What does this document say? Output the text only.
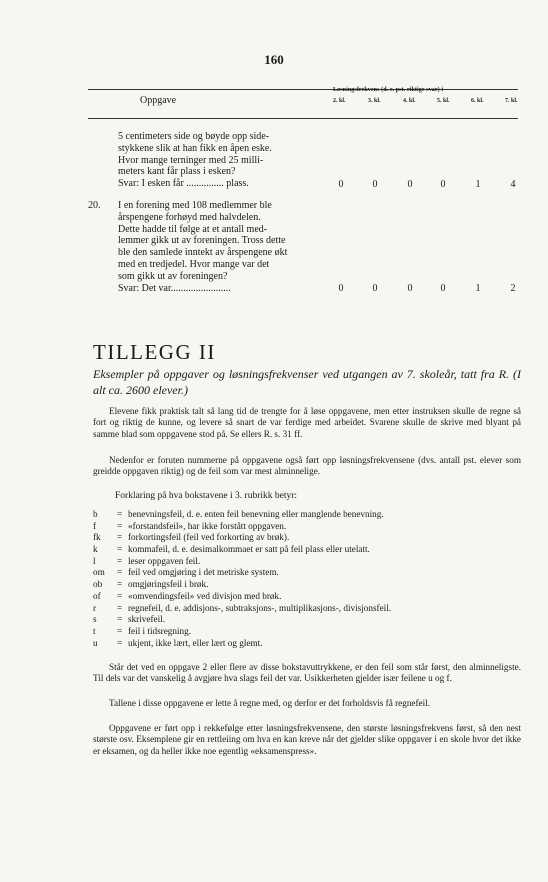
160
Oppgave
Løsningsfrekvens (d. e. pst. riktige svar) i
2. kl.	3. kl.	4. kl.	5. kl.	6. kl.	7. kl.
5 centimeters side og bøyde opp side-
stykkene slik at han fikk en åpen eske.
Hvor mange terninger med 25 milli-
meters kant får plass i esken?
Svar: I esken får ............... plass.	0	0	0	0	1	4
20. I en forening med 108 medlemmer ble
årspengene forhøyd med halvdelen.
Dette hadde til følge at et antall med-
lemmer gikk ut av foreningen. Tross dette
ble den samlede inntekt av årspengene økt
med en tredjedel. Hvor mange var det
som gikk ut av foreningen?
Svar: Det var........................	0	0	0	0	1	2
TILLEGG II
Eksempler på oppgaver og løsningsfrekvenser ved utgangen av 7. skoleår, tatt fra R. (I alt ca. 2600 elever.)
Elevene fikk praktisk talt så lang tid de trengte for å løse oppgavene, men etter instruksen skulle de regne så fort og riktig de kunne, og levere så snart de var ferdige med arbeidet. Svarene skulle de skrive med blyant på samme blad som oppgavene stod på. Se ellers R. s. 31 ff.
Nedenfor er foruten nummerne på oppgavene også ført opp løsningsfrekvensene (dvs. antall pst. elever som greidde oppgaven riktig) og de feil som var mest alminnelige.
Forklaring på hva bokstavene i 3. rubrikk betyr:
b	= benevningsfeil, d. e. enten feil benevning eller manglende benevning.
f	= «forstandsfeil», har ikke forstått oppgaven.
fk	= forkortingsfeil (feil ved forkorting av brøk).
k	= kommafeil, d. e. desimalkommaet er satt på feil plass eller utelatt.
l	= leser oppgaven feil.
om	= feil ved omgjøring i det metriske system.
ob	= omgjøringsfeil i brøk.
of	= «omvendingsfeil» ved divisjon med brøk.
r	= regnefeil, d. e. addisjons-, subtraksjons-, multiplikasjons-, divisjonsfeil.
s	= skrivefeil.
t	= feil i tidsregning.
u	= ukjent, ikke lært, eller lært og glemt.
Står det ved en oppgave 2 eller flere av disse bokstavuttrykkene, er den feil som står først, den alminneligste. Til dels var det vanskelig å avgjøre hva slags feil det var. Usikkerheten gjelder især feilene u og f.
Tallene i disse oppgavene er lette å regne med, og derfor er det forholdsvis få regnefeil.
Oppgavene er ført opp i rekkefølge etter løsningsfrekvensene, den største løsningsfrekvens først, så den nest største osv. Eksemplene gir en rettleiing om hva en kan kreve når det gjelder slike oppgaver i en skole hvor det ikke er eksamen, og da heller ikke noe egentlig «eksamenspress».
